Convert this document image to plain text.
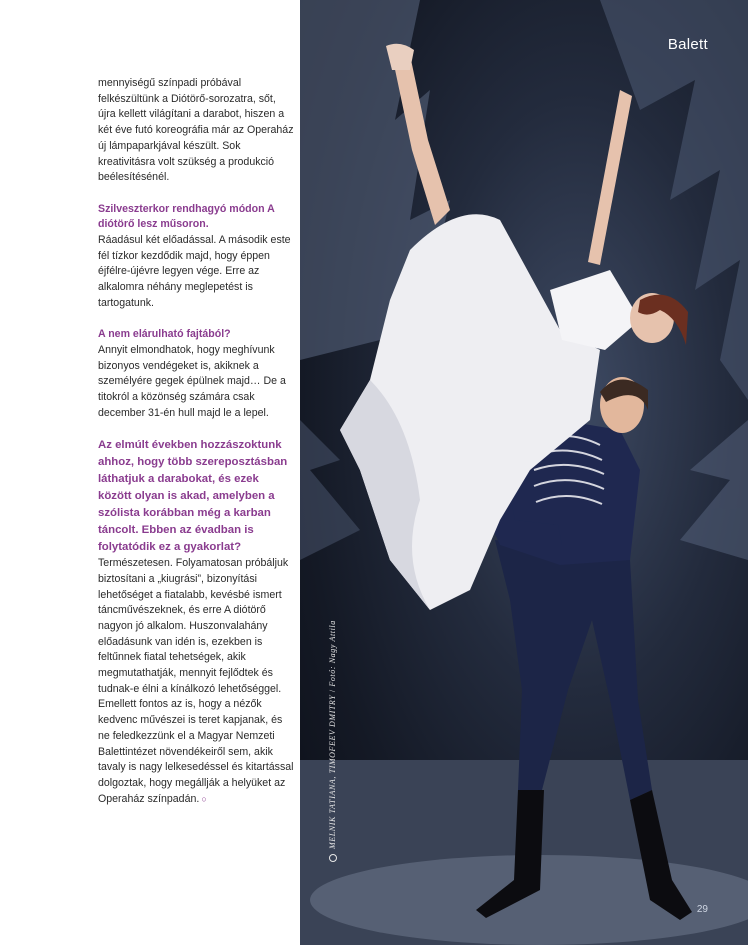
mennyiségű színpadi próbával felkészültünk a Diótörő-sorozatra, sőt, újra kellett világítani a darabot, hiszen a két éve futó koreográfia már az Operaház új lámpaparkjával készült. Sok kreativitásra volt szükség a produkció beélesítésénél.

Szilveszterkor rendhagyó módon A diótörő lesz műsoron.
Ráadásul két előadással. A második este fél tízkor kezdődik majd, hogy éppen éjfélre-újévre legyen vége. Erre az alkalomra néhány meglepetést is tartogatunk.

A nem elárulható fajtából?
Annyit elmondhatok, hogy meghívunk bizonyos vendégeket is, akiknek a személyére gegek épülnek majd… De a titokról a közönség számára csak december 31-én hull majd le a lepel.

Az elmúlt években hozzászoktunk ahhoz, hogy több szereposztásban láthatjuk a darabokat, és ezek között olyan is akad, amelyben a szólista korábban még a karban táncolt. Ebben az évadban is folytatódik ez a gyakorlat?
Természetesen. Folyamatosan próbáljuk biztosítani a „kiugrási”, bizonyítási lehetőséget a fiatalabb, kevésbé ismert táncművészeknek, és erre A diótörő nagyon jó alkalom. Huszonvalahány előadásunk van idén is, ezekben is feltűnnek fiatal tehetségek, akik megmutathatják, mennyit fejlődtek és tudnak-e élni a kínálkozó lehetőséggel. Emellett fontos az is, hogy a nézők kedvenc művészei is teret kapjanak, és ne feledkezzünk el a Magyar Nemzeti Balettintézet növendékeiről sem, akik tavaly is nagy lelkesedéssel és kitartással dolgoztak, hogy megállják a helyüket az Operaház színpadán. ○

Balett
29
MELNIK TATIANA, TIMOFEEV DMITRY / Fotó: Nagy Attila
